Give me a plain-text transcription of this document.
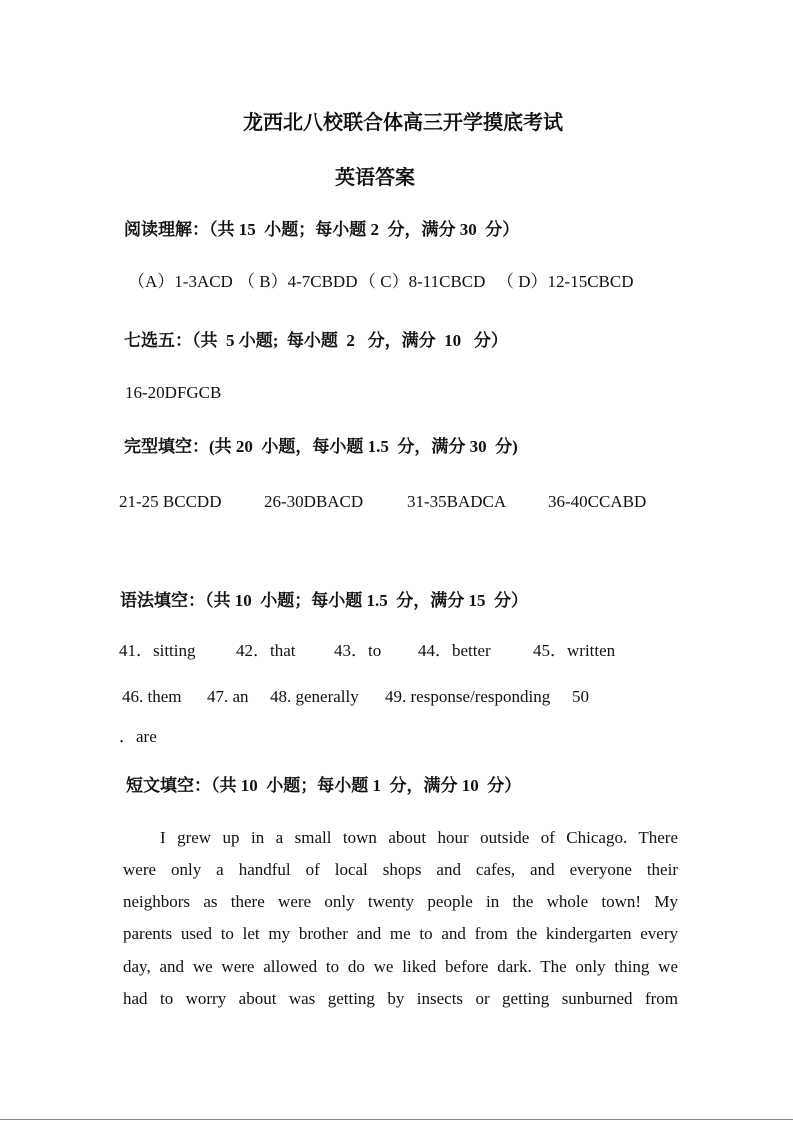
龙西北八校联合体高三开学摸底考试
英语答案
阅读理解：（共 15  小题；每小题 2  分，满分 30  分）
（A）1-3ACD （ B）4-7CBDD （ C）8-11CBCD （ D）12-15CBCD
七选五：（共  5 小题;  每小题  2   分，满分  10   分）
16-20DFGCB
完型填空：(共 20  小题，每小题 1.5  分，满分 30  分)
21-25 BCCDD	26-30DBACD	31-35BADCA 36-40CCABD
语法填空：（共 10  小题；每小题 1.5  分，满分 15  分）
41．sitting 42．that 43．to 44．better 45．written
46. them 47. an 48. generally 49. response/responding 50
．are
短文填空：（共 10  小题；每小题 1  分，满分 10  分）
I grew up in a small town about hour outside of Chicago. There
were only a handful of local shops and cafes, and everyone their
neighbors as there were only twenty people in the whole town! My
parents used to let my brother and me to and from the kindergarten every
day, and we were allowed to do we liked before dark. The only thing we
had to worry about was getting by insects or getting sunburned from
